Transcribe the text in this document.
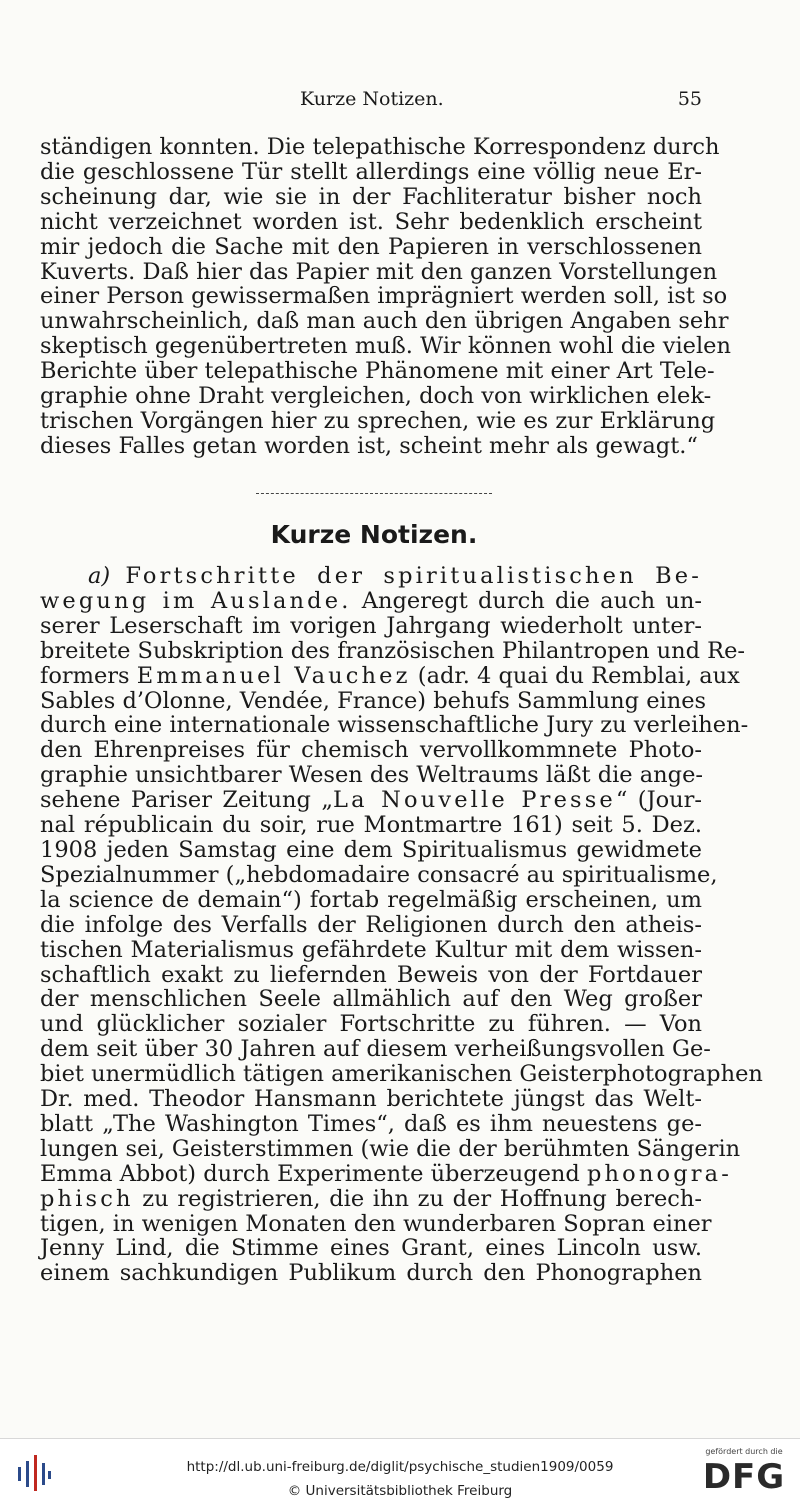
Kurze Notizen.	55
ständigen konnten. Die telepathische Korrespondenz durch
die geschlossene Tür stellt allerdings eine völlig neue Er-
scheinung dar, wie sie in der Fachliteratur bisher noch
nicht verzeichnet worden ist. Sehr bedenklich erscheint
mir jedoch die Sache mit den Papieren in verschlossenen
Kuverts. Daß hier das Papier mit den ganzen Vorstellungen
einer Person gewissermaßen imprägniert werden soll, ist so
unwahrscheinlich, daß man auch den übrigen Angaben sehr
skeptisch gegenübertreten muß. Wir können wohl die vielen
Berichte über telepathische Phänomene mit einer Art Tele-
graphie ohne Draht vergleichen, doch von wirklichen elek-
trischen Vorgängen hier zu sprechen, wie es zur Erklärung
dieses Falles getan worden ist, scheint mehr als gewagt.“
Kurze Notizen.
a) Fortschritte der spiritualistischen Be-
wegung im Auslande. Angeregt durch die auch un-
serer Leserschaft im vorigen Jahrgang wiederholt unter-
breitete Subskription des französischen Philantropen und Re-
formers Emmanuel Vauchez (adr. 4 quai du Remblai, aux
Sables d’Olonne, Vendée, France) behufs Sammlung eines
durch eine internationale wissenschaftliche Jury zu verleihen-
den Ehrenpreises für chemisch vervollkommnete Photo-
graphie unsichtbarer Wesen des Weltraums läßt die ange-
sehene Pariser Zeitung „La Nouvelle Presse“ (Jour-
nal républicain du soir, rue Montmartre 161) seit 5. Dez.
1908 jeden Samstag eine dem Spiritualismus gewidmete
Spezialnummer („hebdomadaire consacré au spiritualisme,
la science de demain“) fortab regelmäßig erscheinen, um
die infolge des Verfalls der Religionen durch den atheis-
tischen Materialismus gefährdete Kultur mit dem wissen-
schaftlich exakt zu liefernden Beweis von der Fortdauer
der menschlichen Seele allmählich auf den Weg großer
und glücklicher sozialer Fortschritte zu führen. — Von
dem seit über 30 Jahren auf diesem verheißungsvollen Ge-
biet unermüdlich tätigen amerikanischen Geisterphotographen
Dr. med. Theodor Hansmann berichtete jüngst das Welt-
blatt „The Washington Times“, daß es ihm neuestens ge-
lungen sei, Geisterstimmen (wie die der berühmten Sängerin
Emma Abbot) durch Experimente überzeugend phonogra-
phisch zu registrieren, die ihn zu der Hoffnung berech-
tigen, in wenigen Monaten den wunderbaren Sopran einer
Jenny Lind, die Stimme eines Grant, eines Lincoln usw.
einem sachkundigen Publikum durch den Phonographen
http://dl.ub.uni-freiburg.de/diglit/psychische_studien1909/0059
© Universitätsbibliothek Freiburg
gefördert durch die
DFG
